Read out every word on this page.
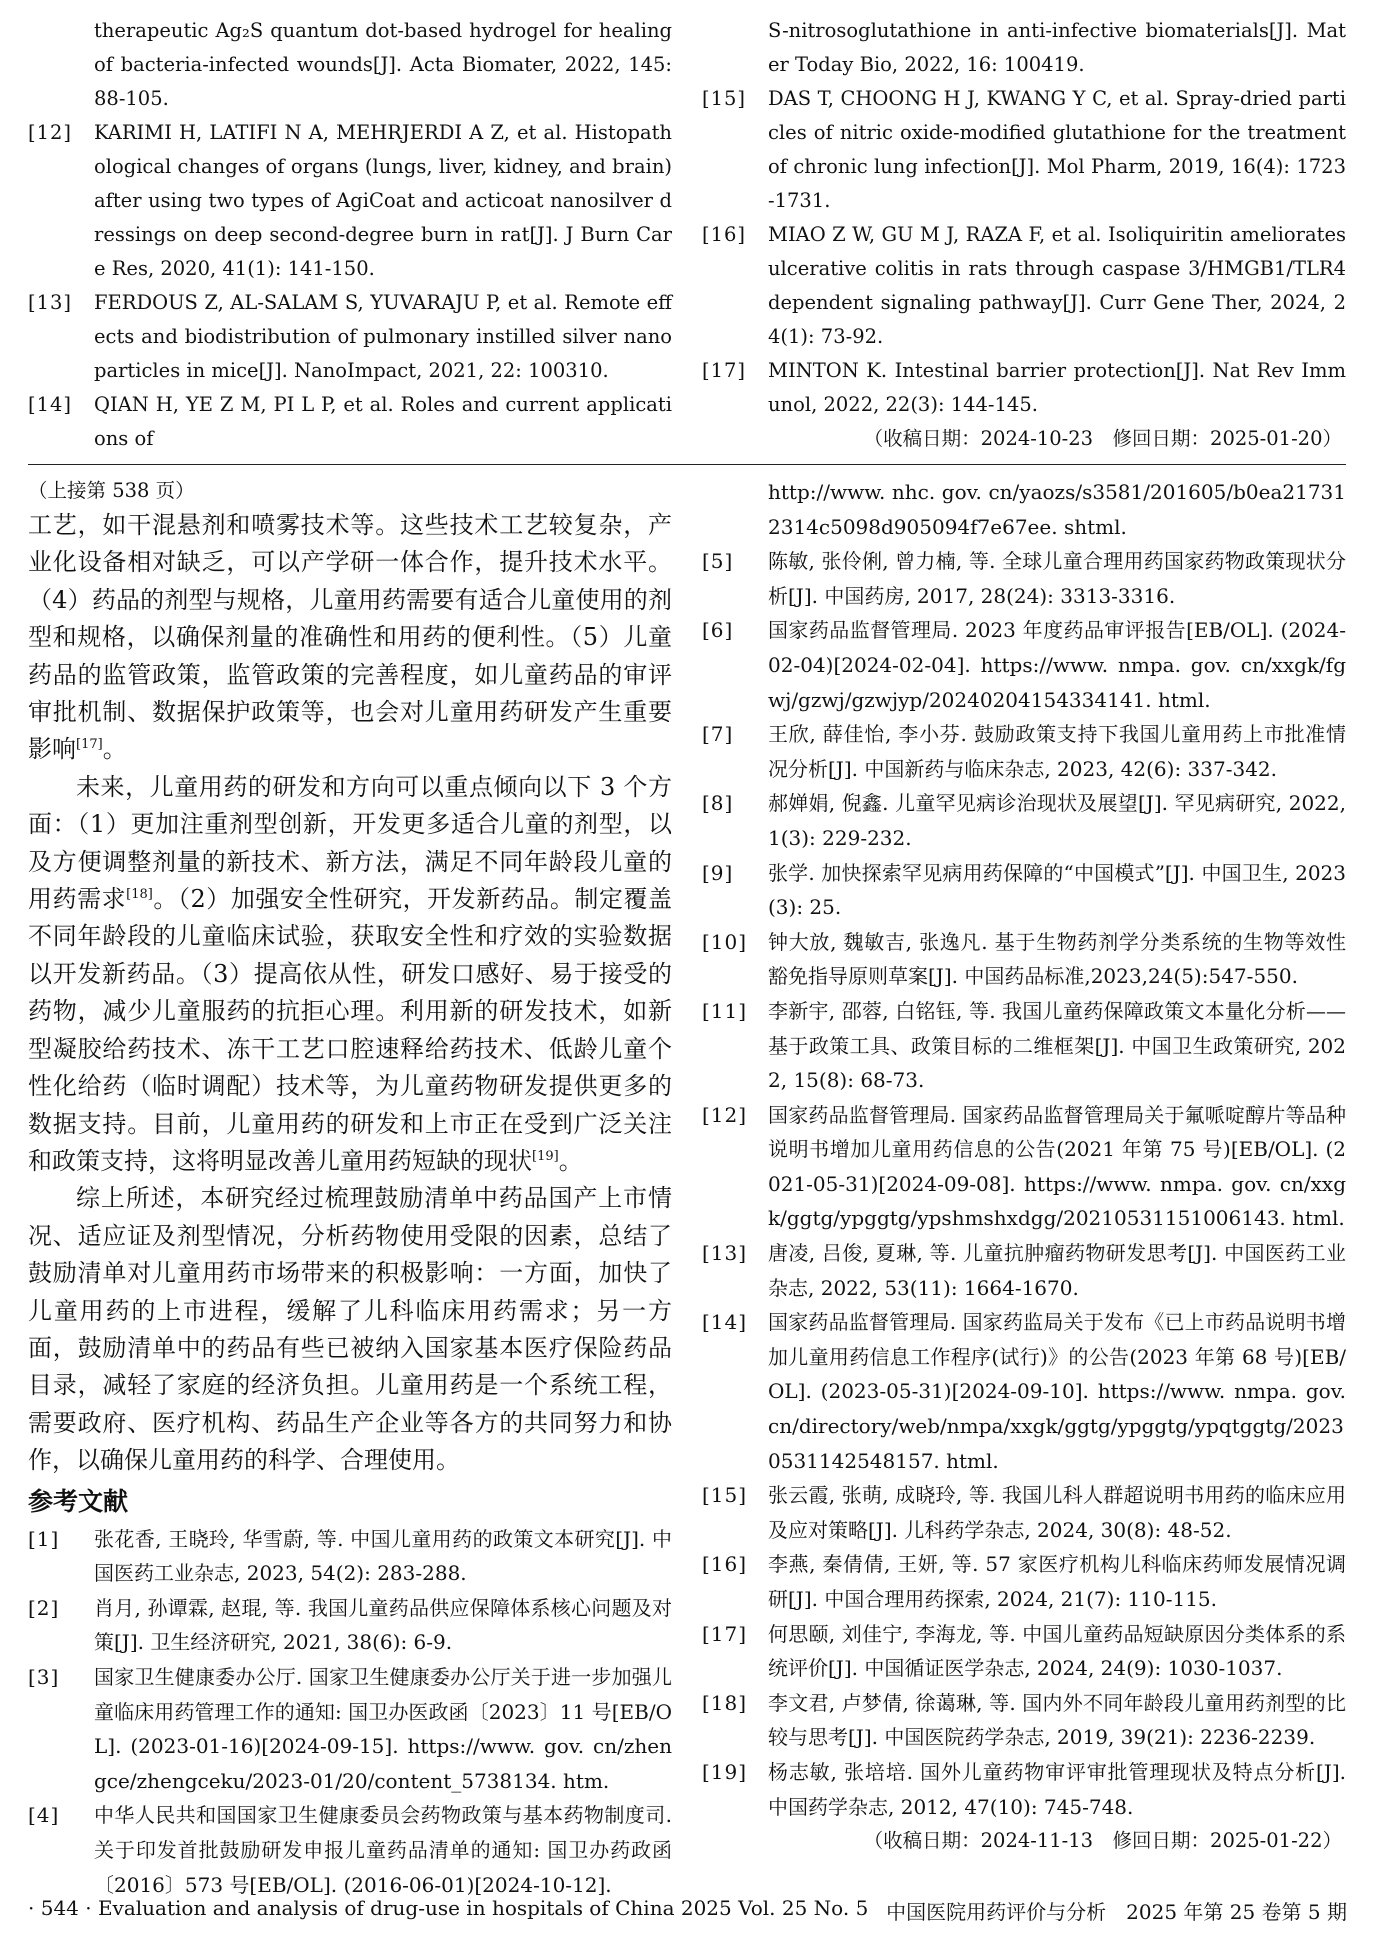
therapeutic Ag₂S quantum dot-based hydrogel for healing of bacteria-infected wounds[J]. Acta Biomater, 2022, 145: 88-105.
[12]	KARIMI H, LATIFI N A, MEHRJERDI A Z, et al. Histopathological changes of organs (lungs, liver, kidney, and brain) after using two types of AgiCoat and acticoat nanosilver dressings on deep second-degree burn in rat[J]. J Burn Care Res, 2020, 41(1): 141-150.
[13]	FERDOUS Z, AL-SALAM S, YUVARAJU P, et al. Remote effects and biodistribution of pulmonary instilled silver nanoparticles in mice[J]. NanoImpact, 2021, 22: 100310.
[14]	QIAN H, YE Z M, PI L P, et al. Roles and current applications of
S-nitrosoglutathione in anti-infective biomaterials[J]. Mater Today Bio, 2022, 16: 100419.
[15]	DAS T, CHOONG H J, KWANG Y C, et al. Spray-dried particles of nitric oxide-modified glutathione for the treatment of chronic lung infection[J]. Mol Pharm, 2019, 16(4): 1723-1731.
[16]	MIAO Z W, GU M J, RAZA F, et al. Isoliquiritin ameliorates ulcerative colitis in rats through caspase 3/HMGB1/TLR4 dependent signaling pathway[J]. Curr Gene Ther, 2024, 24(1): 73-92.
[17]	MINTON K. Intestinal barrier protection[J]. Nat Rev Immunol, 2022, 22(3): 144-145.
（收稿日期：2024-10-23　修回日期：2025-01-20）
（上接第 538 页）

工艺，如干混悬剂和喷雾技术等。这些技术工艺较复杂，产业化设备相对缺乏，可以产学研一体合作，提升技术水平。（4）药品的剂型与规格，儿童用药需要有适合儿童使用的剂型和规格，以确保剂量的准确性和用药的便利性。（5）儿童药品的监管政策，监管政策的完善程度，如儿童药品的审评审批机制、数据保护政策等，也会对儿童用药研发产生重要影响[17]。

未来，儿童用药的研发和方向可以重点倾向以下 3 个方面：（1）更加注重剂型创新，开发更多适合儿童的剂型，以及方便调整剂量的新技术、新方法，满足不同年龄段儿童的用药需求[18]。（2）加强安全性研究，开发新药品。制定覆盖不同年龄段的儿童临床试验，获取安全性和疗效的实验数据以开发新药品。（3）提高依从性，研发口感好、易于接受的药物，减少儿童服药的抗拒心理。利用新的研发技术，如新型凝胶给药技术、冻干工艺口腔速释给药技术、低龄儿童个性化给药（临时调配）技术等，为儿童药物研发提供更多的数据支持。目前，儿童用药的研发和上市正在受到广泛关注和政策支持，这将明显改善儿童用药短缺的现状[19]。

综上所述，本研究经过梳理鼓励清单中药品国产上市情况、适应证及剂型情况，分析药物使用受限的因素，总结了鼓励清单对儿童用药市场带来的积极影响：一方面，加快了儿童用药的上市进程，缓解了儿科临床用药需求；另一方面，鼓励清单中的药品有些已被纳入国家基本医疗保险药品目录，减轻了家庭的经济负担。儿童用药是一个系统工程，需要政府、医疗机构、药品生产企业等各方的共同努力和协作，以确保儿童用药的科学、合理使用。

参考文献
[1]	张花香, 王晓玲, 华雪蔚, 等. 中国儿童用药的政策文本研究[J]. 中国医药工业杂志, 2023, 54(2): 283-288.
[2]	肖月, 孙谭霖, 赵琨, 等. 我国儿童药品供应保障体系核心问题及对策[J]. 卫生经济研究, 2021, 38(6): 6-9.
[3]	国家卫生健康委办公厅. 国家卫生健康委办公厅关于进一步加强儿童临床用药管理工作的通知: 国卫办医政函〔2023〕11 号[EB/OL]. (2023-01-16)[2024-09-15]. https://www. gov. cn/zhengce/zhengceku/2023-01/20/content_5738134. htm.
[4]	中华人民共和国国家卫生健康委员会药物政策与基本药物制度司. 关于印发首批鼓励研发申报儿童药品清单的通知: 国卫办药政函〔2016〕573 号[EB/OL]. (2016-06-01)[2024-10-12].
http://www. nhc. gov. cn/yaozs/s3581/201605/b0ea217312314c5098d905094f7e67ee. shtml.
[5]	陈敏, 张伶俐, 曾力楠, 等. 全球儿童合理用药国家药物政策现状分析[J]. 中国药房, 2017, 28(24): 3313-3316.
[6]	国家药品监督管理局. 2023 年度药品审评报告[EB/OL]. (2024-02-04)[2024-02-04]. https://www. nmpa. gov. cn/xxgk/fgwj/gzwj/gzwjyp/20240204154334141. html.
[7]	王欣, 薛佳怡, 李小芬. 鼓励政策支持下我国儿童用药上市批准情况分析[J]. 中国新药与临床杂志, 2023, 42(6): 337-342.
[8]	郝婵娟, 倪鑫. 儿童罕见病诊治现状及展望[J]. 罕见病研究, 2022, 1(3): 229-232.
[9]	张学. 加快探索罕见病用药保障的“中国模式”[J]. 中国卫生, 2023(3): 25.
[10]	钟大放, 魏敏吉, 张逸凡. 基于生物药剂学分类系统的生物等效性豁免指导原则草案[J]. 中国药品标准,2023,24(5):547-550.
[11]	李新宇, 邵蓉, 白铭钰, 等. 我国儿童药保障政策文本量化分析——基于政策工具、政策目标的二维框架[J]. 中国卫生政策研究, 2022, 15(8): 68-73.
[12]	国家药品监督管理局. 国家药品监督管理局关于氟哌啶醇片等品种说明书增加儿童用药信息的公告(2021 年第 75 号)[EB/OL]. (2021-05-31)[2024-09-08]. https://www. nmpa. gov. cn/xxgk/ggtg/ypggtg/ypshmshxdgg/20210531151006143. html.
[13]	唐凌, 吕俊, 夏琳, 等. 儿童抗肿瘤药物研发思考[J]. 中国医药工业杂志, 2022, 53(11): 1664-1670.
[14]	国家药品监督管理局. 国家药监局关于发布《已上市药品说明书增加儿童用药信息工作程序(试行)》的公告(2023 年第 68 号)[EB/OL]. (2023-05-31)[2024-09-10]. https://www. nmpa. gov. cn/directory/web/nmpa/xxgk/ggtg/ypggtg/ypqtggtg/20230531142548157. html.
[15]	张云霞, 张萌, 成晓玲, 等. 我国儿科人群超说明书用药的临床应用及应对策略[J]. 儿科药学杂志, 2024, 30(8): 48-52.
[16]	李燕, 秦倩倩, 王妍, 等. 57 家医疗机构儿科临床药师发展情况调研[J]. 中国合理用药探索, 2024, 21(7): 110-115.
[17]	何思颐, 刘佳宁, 李海龙, 等. 中国儿童药品短缺原因分类体系的系统评价[J]. 中国循证医学杂志, 2024, 24(9): 1030-1037.
[18]	李文君, 卢梦倩, 徐蔼琳, 等. 国内外不同年龄段儿童用药剂型的比较与思考[J]. 中国医院药学杂志, 2019, 39(21): 2236-2239.
[19]	杨志敏, 张培培. 国外儿童药物审评审批管理现状及特点分析[J]. 中国药学杂志, 2012, 47(10): 745-748.
（收稿日期：2024-11-13　修回日期：2025-01-22）
· 544 · Evaluation and analysis of drug-use in hospitals of China 2025 Vol. 25 No. 5 中国医院用药评价与分析　2025 年第 25 卷第 5 期
